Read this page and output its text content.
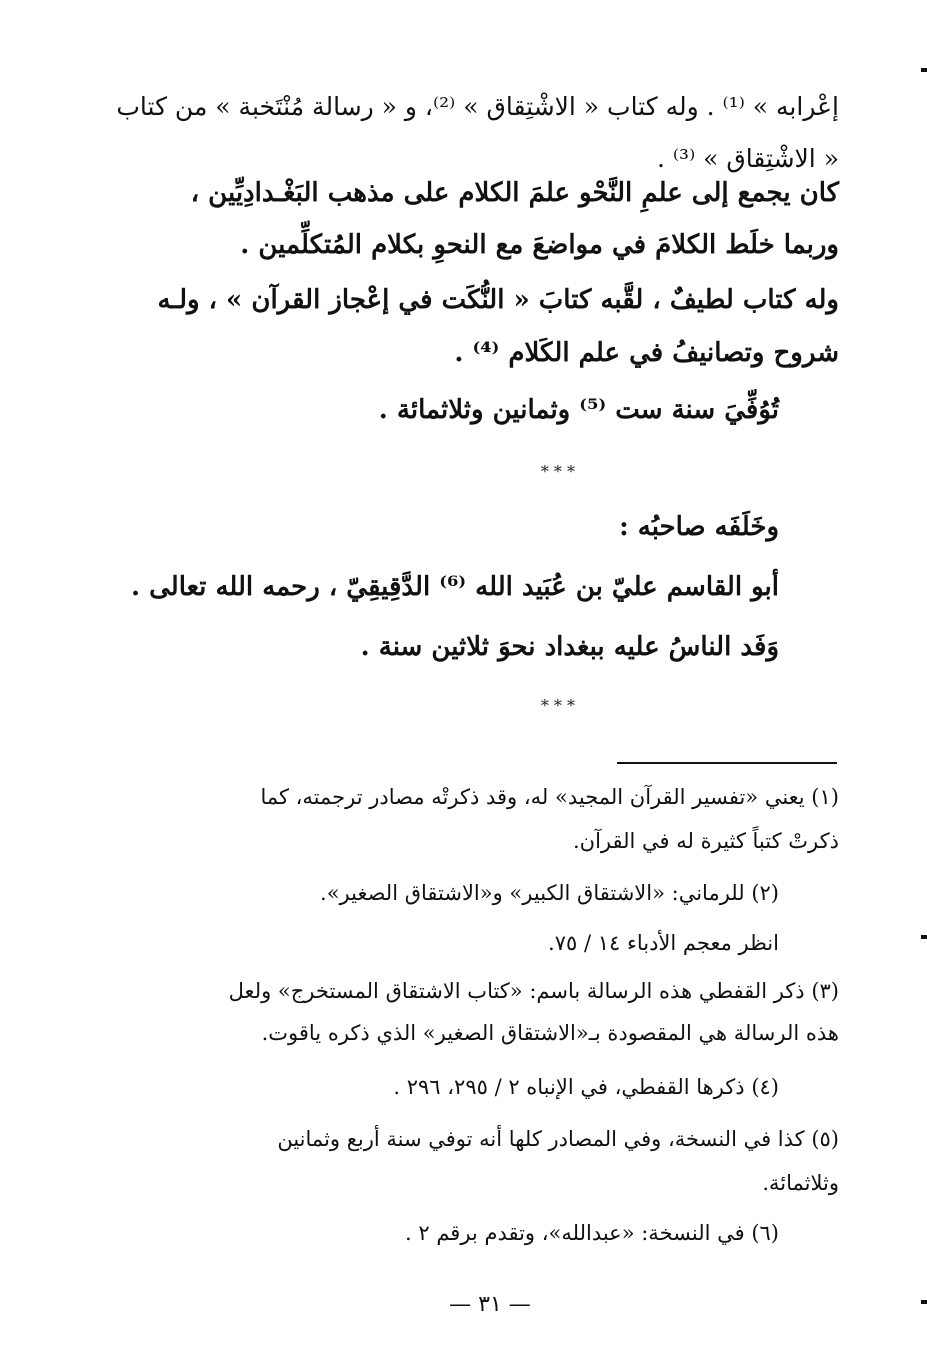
إعْرابه » ⁽¹⁾ . وله كتاب « الاشْتِقاق » ⁽²⁾، و « رسالة مُنْتَخبة » من كتاب
« الاشْتِقاق » ⁽³⁾ .
كان يجمع إلى علمِ النَّحْو علمَ الكلام على مذهب البَغْـدادِيِّين ،
وربما خلَط الكلامَ في مواضعَ مع النحوِ بكلام المُتكلِّمين .
وله كتاب لطيفٌ ، لقَّبه كتابَ « النُّكَت في إعْجاز القرآن » ، ولـه
شروح وتصانيفُ في علم الكَلام ⁽⁴⁾ .
تُوُفِّيَ سنة ست ⁽⁵⁾ وثمانين وثلاثمائة .
* * *
وخَلَفَه صاحبُه :
أبو القاسم عليّ بن عُبَيد الله ⁽⁶⁾ الدَّقِيقِيّ ، رحمه الله تعالى .
وَفَد الناسُ عليه ببغداد نحوَ ثلاثين سنة .
* * *
(١) يعني «تفسير القرآن المجيد» له، وقد ذكرتْه مصادر ترجمته، كما
ذكرتْ كتباً كثيرة له في القرآن.
(٢) للرماني: «الاشتقاق الكبير» و«الاشتقاق الصغير».
انظر معجم الأدباء ١٤ / ٧٥.
(٣) ذكر القفطي هذه الرسالة باسم: «كتاب الاشتقاق المستخرج» ولعل
هذه الرسالة هي المقصودة بـ«الاشتقاق الصغير» الذي ذكره ياقوت.
(٤) ذكرها القفطي، في الإنباه ٢ / ٢٩٥، ٢٩٦ .
(٥) كذا في النسخة، وفي المصادر كلها أنه توفي سنة أربع وثمانين
وثلاثمائة.
(٦) في النسخة: «عبدالله»، وتقدم برقم ٢ .
— ٣١ —
